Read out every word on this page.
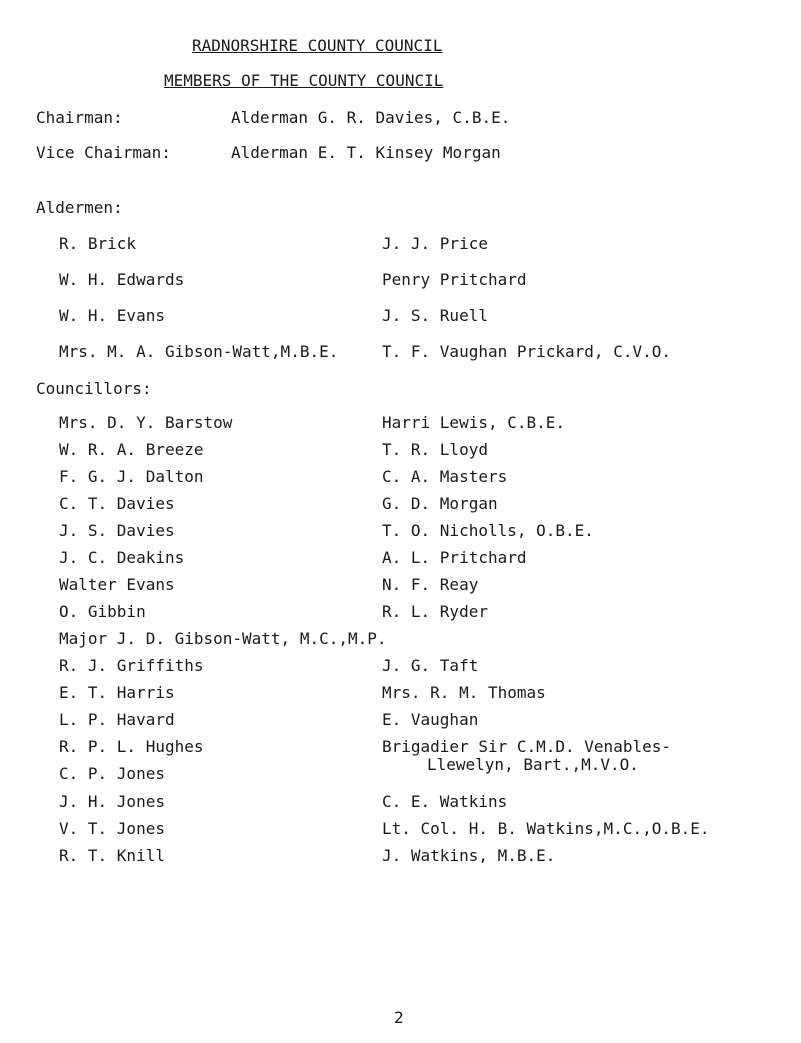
RADNORSHIRE COUNTY COUNCIL
MEMBERS OF THE COUNTY COUNCIL
Chairman:	Alderman G. R. Davies, C.B.E.
Vice Chairman:	Alderman E. T. Kinsey Morgan
Aldermen:
R. Brick
W. H. Edwards
W. H. Evans
Mrs. M. A. Gibson-Watt,M.B.E.
J. J. Price
Penry Pritchard
J. S. Ruell
T. F. Vaughan Prickard, C.V.O.
Councillors:
Mrs. D. Y. Barstow
W. R. A. Breeze
F. G. J. Dalton
C. T. Davies
J. S. Davies
J. C. Deakins
Walter Evans
O. Gibbin
Harri Lewis, C.B.E.
T. R. Lloyd
C. A. Masters
G. D. Morgan
T. O. Nicholls, O.B.E.
A. L. Pritchard
N. F. Reay
R. L. Ryder
Major J. D. Gibson-Watt, M.C.,M.P.
R. J. Griffiths
E. T. Harris
L. P. Havard
R. P. L. Hughes
C. P. Jones
J. H. Jones
V. T. Jones
R. T. Knill
J. G. Taft
Mrs. R. M. Thomas
E. Vaughan
Brigadier Sir C.M.D. Venables-
Llewelyn, Bart.,M.V.O.
C. E. Watkins
Lt. Col. H. B. Watkins,M.C.,O.B.E.
J. Watkins, M.B.E.
2
